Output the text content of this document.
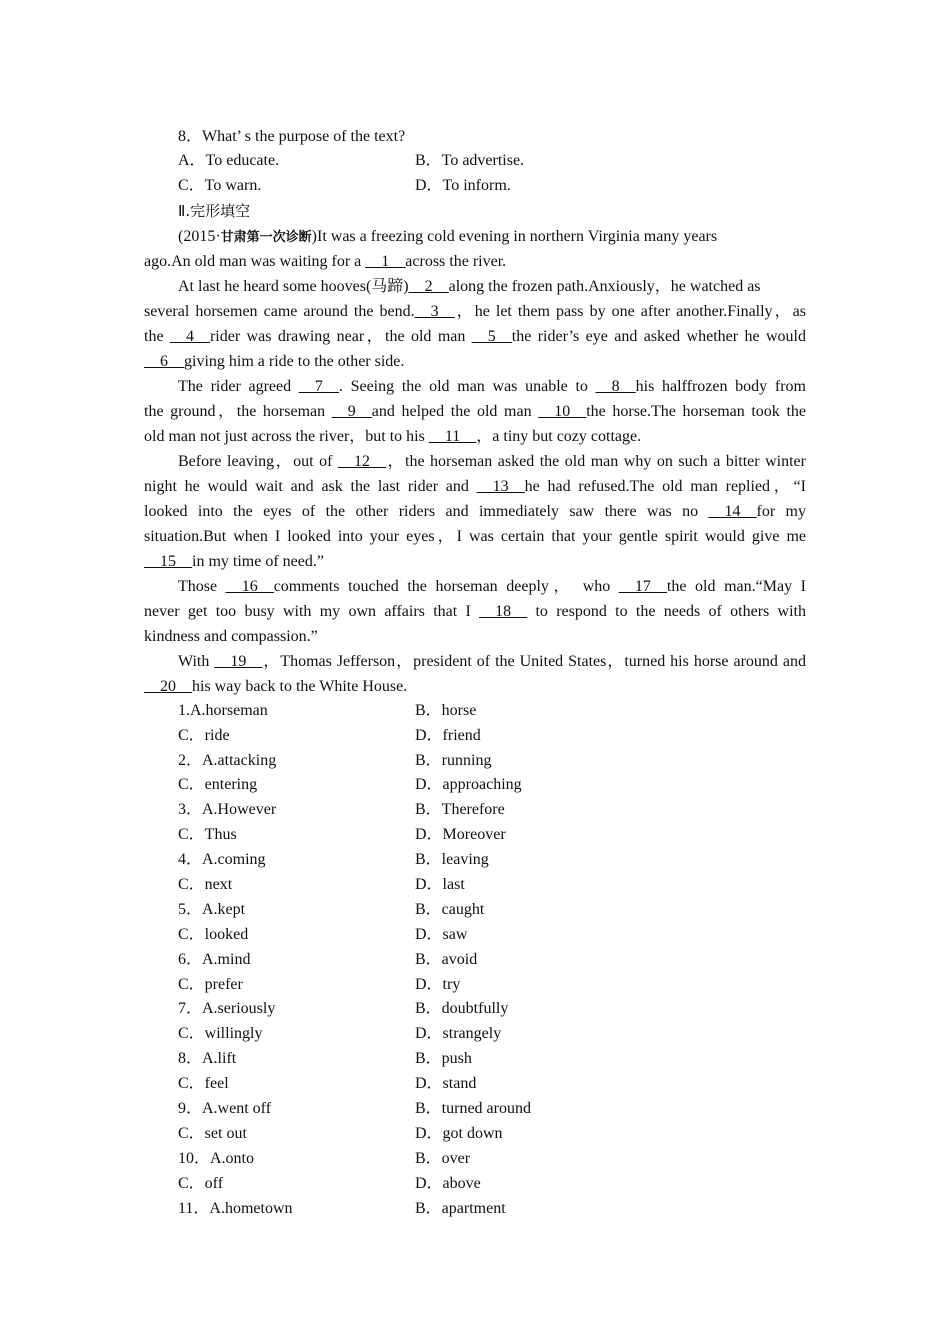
8．What’ s the purpose of the text?
A．To educate.	B．To advertise.
C．To warn.	D．To inform.
Ⅱ.完形填空
(2015·甘肃第一次诊断)It was a freezing cold evening in northern Virginia many years
ago.An old man was waiting for a __1__across the river.
At last he heard some hooves(马蹄)__2__along the frozen path.Anxiously，he watched as
several horsemen came around the bend.__3__，he let them pass by one after another.Finally，as
the __4__rider was drawing near，the old man __5__the rider’s eye and asked whether he would
__6__giving him a ride to the other side.
The rider agreed __7__. Seeing the old man was unable to __8__his halffrozen body from
the ground，the horseman __9__and helped the old man __10__the horse.The horseman took the
old man not just across the river，but to his __11__，a tiny but cozy cottage.
Before leaving，out of __12__，the horseman asked the old man why on such a bitter winter
night he would wait and ask the last rider and __13__he had refused.The old man replied，“I
looked into the eyes of the other riders and immediately saw there was no __14__for my
situation.But when I looked into your eyes，I was certain that your gentle spirit would give me
__15__in my time of need.”
Those __16__comments touched the horseman deeply， who __17__the old man.“May I
never get too busy with my own affairs that I __18__ to respond to the needs of others with
kindness and compassion.”
With __19__，Thomas Jefferson，president of the United States，turned his horse around and
__20__his way back to the White House.
1.A.horseman	B．horse
C．ride	D．friend
2．A.attacking	B．running
C．entering	D．approaching
3．A.However	B．Therefore
C．Thus	D．Moreover
4．A.coming	B．leaving
C．next	D．last
5．A.kept	B．caught
C．looked	D．saw
6．A.mind	B．avoid
C．prefer	D．try
7．A.seriously	B．doubtfully
C．willingly	D．strangely
8．A.lift	B．push
C．feel	D．stand
9．A.went off	B．turned around
C．set out	D．got down
10．A.onto	B．over
C．off	D．above
11．A.hometown	B．apartment
